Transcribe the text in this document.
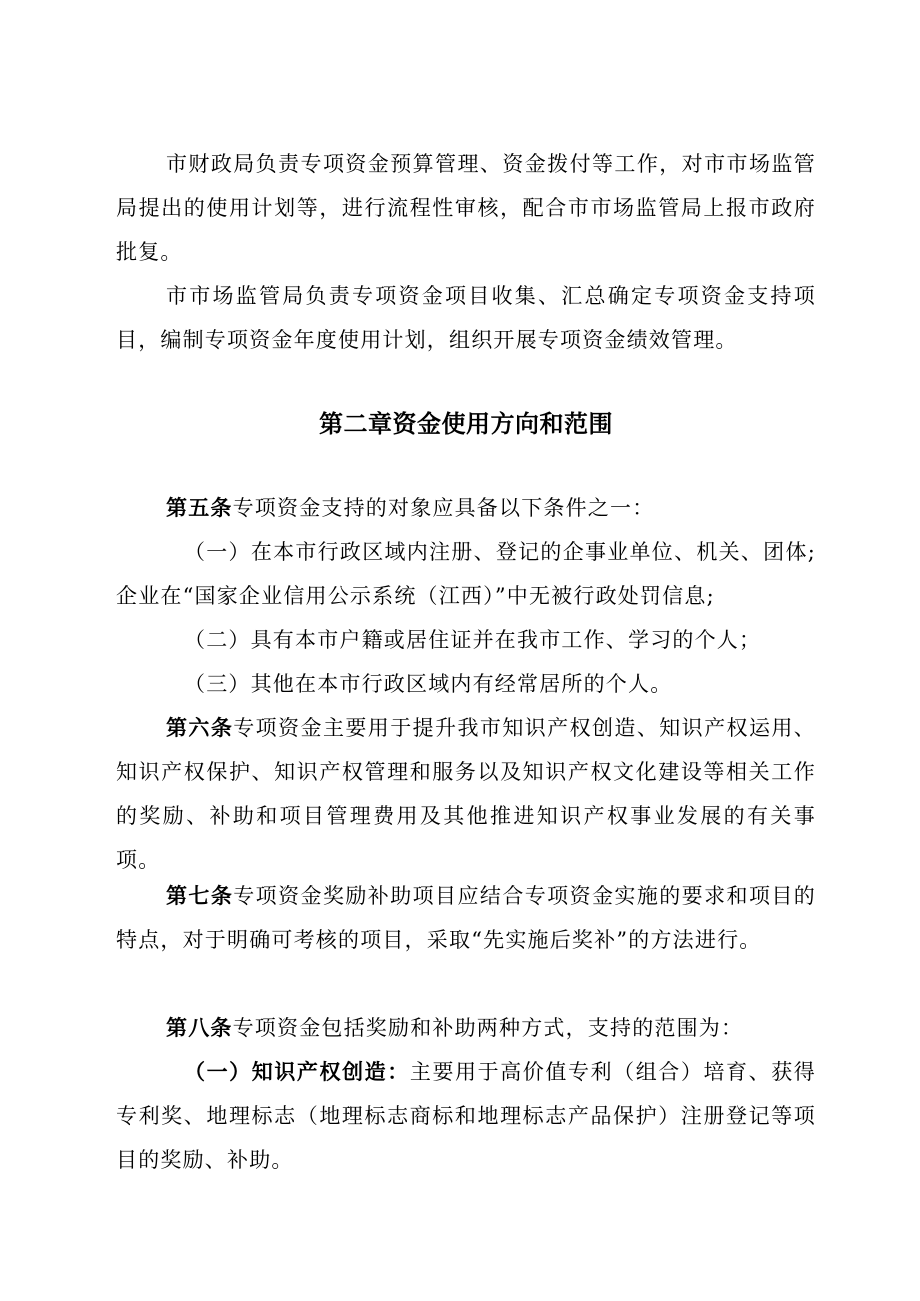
市财政局负责专项资金预算管理、资金拨付等工作，对市市场监管局提出的使用计划等，进行流程性审核，配合市市场监管局上报市政府批复。

市市场监管局负责专项资金项目收集、汇总确定专项资金支持项目，编制专项资金年度使用计划，组织开展专项资金绩效管理。

第二章资金使用方向和范围

第五条专项资金支持的对象应具备以下条件之一：

（一）在本市行政区域内注册、登记的企事业单位、机关、团体;企业在“国家企业信用公示系统（江西）”中无被行政处罚信息;

（二）具有本市户籍或居住证并在我市工作、学习的个人；

（三）其他在本市行政区域内有经常居所的个人。

第六条专项资金主要用于提升我市知识产权创造、知识产权运用、知识产权保护、知识产权管理和服务以及知识产权文化建设等相关工作的奖励、补助和项目管理费用及其他推进知识产权事业发展的有关事项。

第七条专项资金奖励补助项目应结合专项资金实施的要求和项目的特点，对于明确可考核的项目，采取“先实施后奖补”的方法进行。

第八条专项资金包括奖励和补助两种方式，支持的范围为：

（一）知识产权创造：主要用于高价值专利（组合）培育、获得专利奖、地理标志（地理标志商标和地理标志产品保护）注册登记等项目的奖励、补助。
